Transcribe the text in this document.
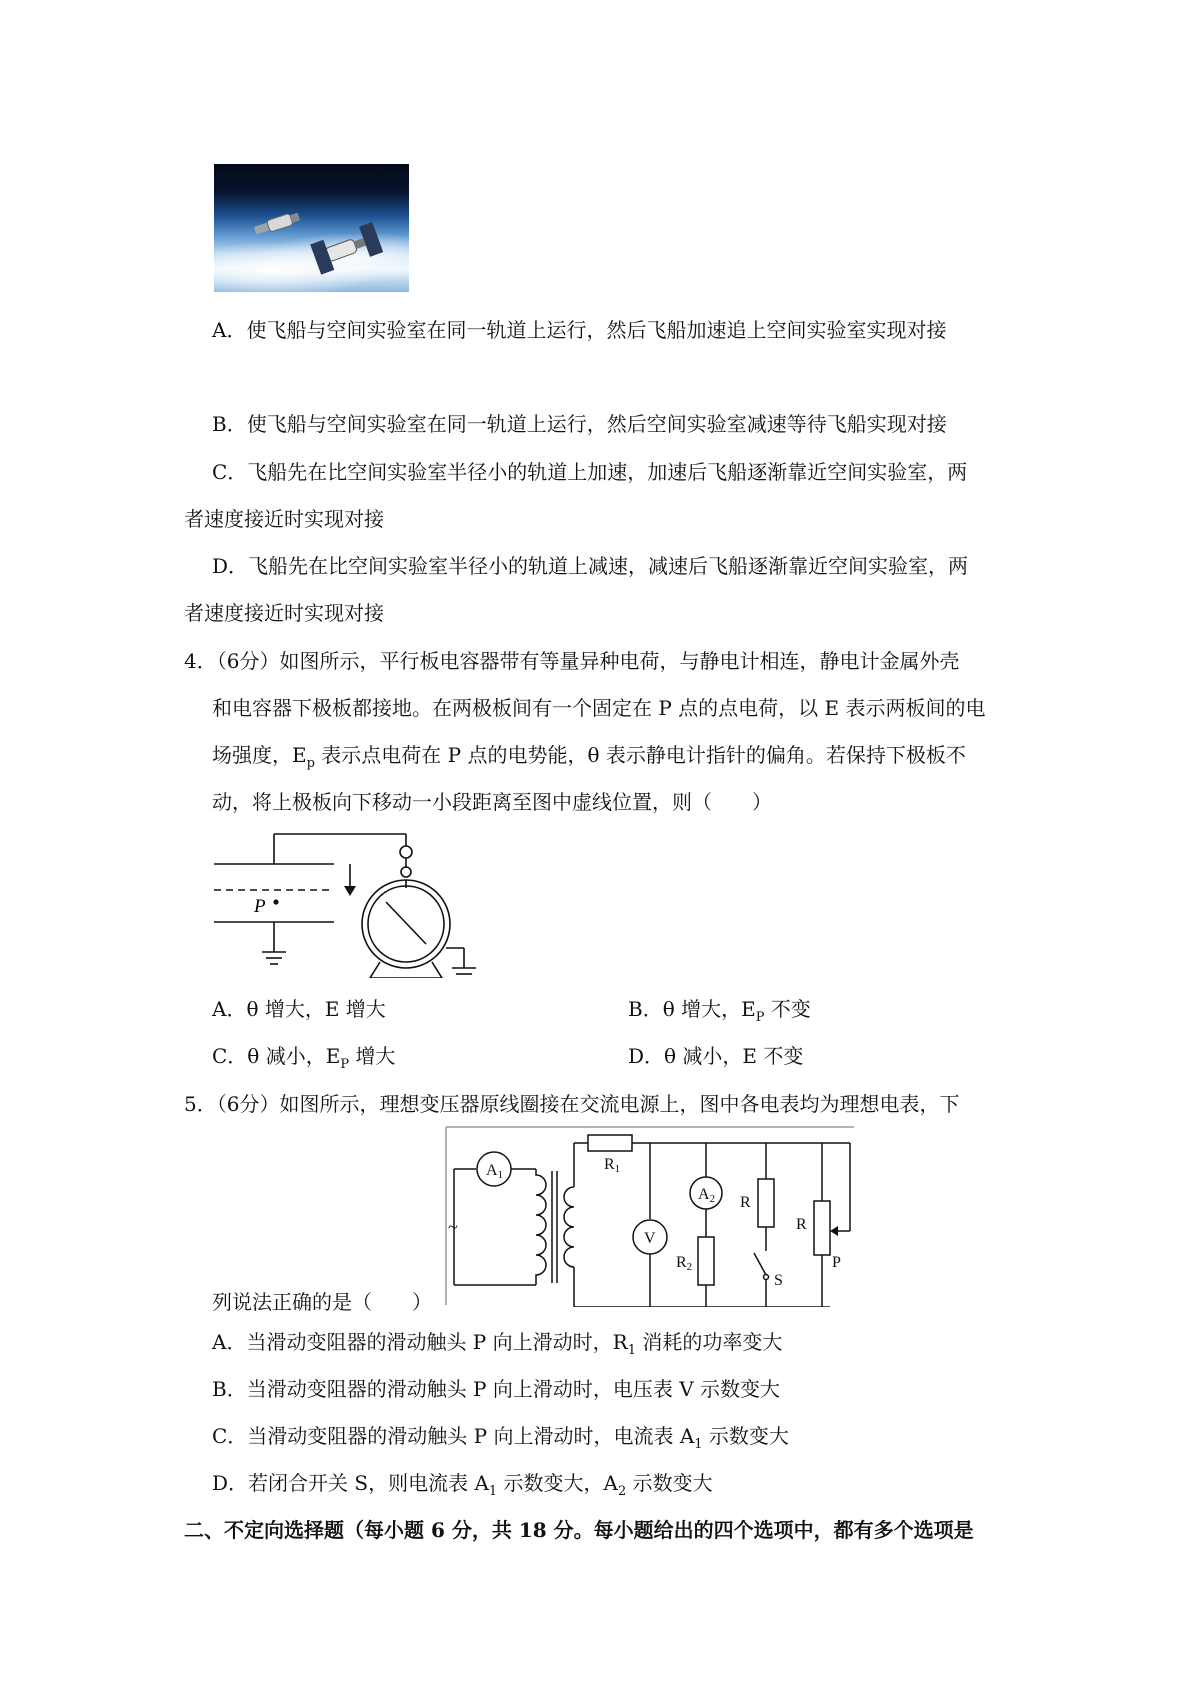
A．使飞船与空间实验室在同一轨道上运行，然后飞船加速追上空间实验室实现对接
B．使飞船与空间实验室在同一轨道上运行，然后空间实验室减速等待飞船实现对接
C．飞船先在比空间实验室半径小的轨道上加速，加速后飞船逐渐靠近空间实验室，两
者速度接近时实现对接
D．飞船先在比空间实验室半径小的轨道上减速，减速后飞船逐渐靠近空间实验室，两
者速度接近时实现对接
4．（6分）如图所示，平行板电容器带有等量异种电荷，与静电计相连，静电计金属外壳
和电容器下极板都接地。在两极板间有一个固定在 P 点的点电荷，以 E 表示两板间的电
场强度，$E_p$ 表示点电荷在 P 点的电势能，θ 表示静电计指针的偏角。若保持下极板不
动，将上极板向下移动一小段距离至图中虚线位置，则（　　）
P
A．θ 增大，E 增大	B．θ 增大，$E_P$ 不变
C．θ 减小，$E_P$ 增大	D．θ 减小，E 不变
5．（6分）如图所示，理想变压器原线圈接在交流电源上，图中各电表均为理想电表，下
A1
A2
R1
R2
V
R
R
P
S
~
列说法正确的是（　　）
A．当滑动变阻器的滑动触头 P 向上滑动时，$R_1$ 消耗的功率变大
B．当滑动变阻器的滑动触头 P 向上滑动时，电压表 V 示数变大
C．当滑动变阻器的滑动触头 P 向上滑动时，电流表 $A_1$ 示数变大
D．若闭合开关 S，则电流表 $A_1$ 示数变大，$A_2$ 示数变大
二、不定向选择题（每小题 6 分，共 18 分。每小题给出的四个选项中，都有多个选项是
